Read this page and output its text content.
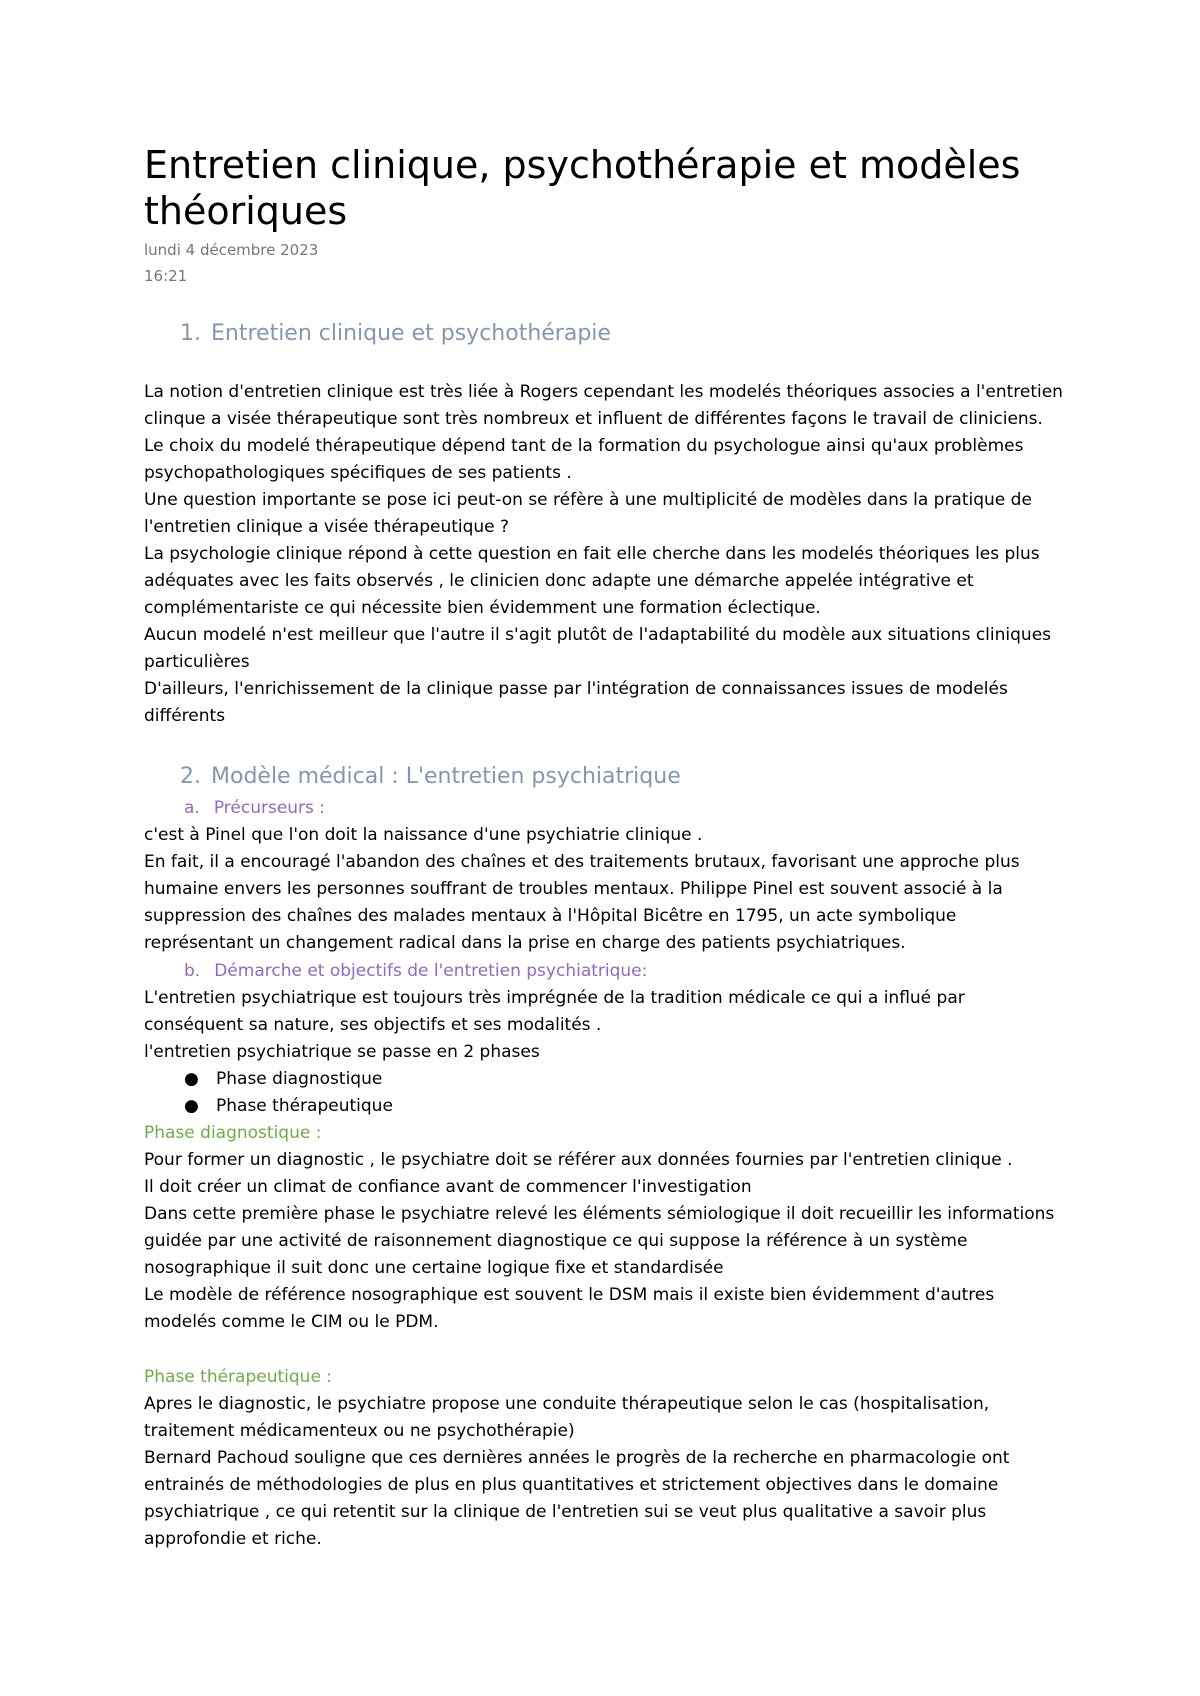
Entretien clinique, psychothérapie et modèles théoriques
lundi 4 décembre 2023
16:21
1. Entretien clinique et psychothérapie

La notion d'entretien clinique est très liée à Rogers cependant les modelés théoriques associes a l'entretien clinque a visée thérapeutique sont très nombreux et influent de différentes façons le travail de cliniciens.

Le choix du modelé thérapeutique dépend tant de la formation du psychologue ainsi qu'aux problèmes psychopathologiques spécifiques de ses patients .

Une question importante se pose ici peut-on se réfère à une multiplicité de modèles dans la pratique de l'entretien clinique a visée thérapeutique ?

La psychologie clinique répond à cette question en fait elle cherche dans les modelés théoriques les plus adéquates avec les faits observés , le clinicien donc adapte une démarche appelée intégrative et complémentariste ce qui nécessite bien évidemment une formation éclectique.

Aucun modelé n'est meilleur que l'autre il s'agit plutôt de l'adaptabilité du modèle aux situations cliniques particulières

D'ailleurs, l'enrichissement de la clinique passe par l'intégration de connaissances issues de modelés différents

2. Modèle médical : L'entretien psychiatrique
a. Précurseurs :

c'est à Pinel que l'on doit la naissance d'une psychiatrie clinique .

En fait, il a encouragé l'abandon des chaînes et des traitements brutaux, favorisant une approche plus humaine envers les personnes souffrant de troubles mentaux. Philippe Pinel est souvent associé à la suppression des chaînes des malades mentaux à l'Hôpital Bicêtre en 1795, un acte symbolique représentant un changement radical dans la prise en charge des patients psychiatriques.

b. Démarche et objectifs de l'entretien psychiatrique:

L'entretien psychiatrique est toujours très imprégnée de la tradition médicale ce qui a influé par conséquent sa nature, ses objectifs et ses modalités .

l'entretien psychiatrique se passe en 2 phases

● Phase diagnostique
● Phase thérapeutique
Phase diagnostique :

Pour former un diagnostic , le psychiatre doit se référer aux données fournies par l'entretien clinique .

Il doit créer un climat de confiance avant de commencer l'investigation

Dans cette première phase le psychiatre relevé les éléments sémiologique il doit recueillir les informations guidée par une activité de raisonnement diagnostique ce qui suppose la référence à un système nosographique il suit donc une certaine logique fixe et standardisée

Le modèle de référence nosographique est souvent le DSM mais il existe bien évidemment d'autres modelés comme le CIM ou le PDM.

Phase thérapeutique :

Apres le diagnostic, le psychiatre propose une conduite thérapeutique selon le cas (hospitalisation, traitement médicamenteux ou ne psychothérapie)

Bernard Pachoud souligne que ces dernières années le progrès de la recherche en pharmacologie ont entrainés de méthodologies de plus en plus quantitatives et strictement objectives dans le domaine psychiatrique , ce qui retentit sur la clinique de l'entretien sui se veut plus qualitative a savoir plus approfondie et riche.
